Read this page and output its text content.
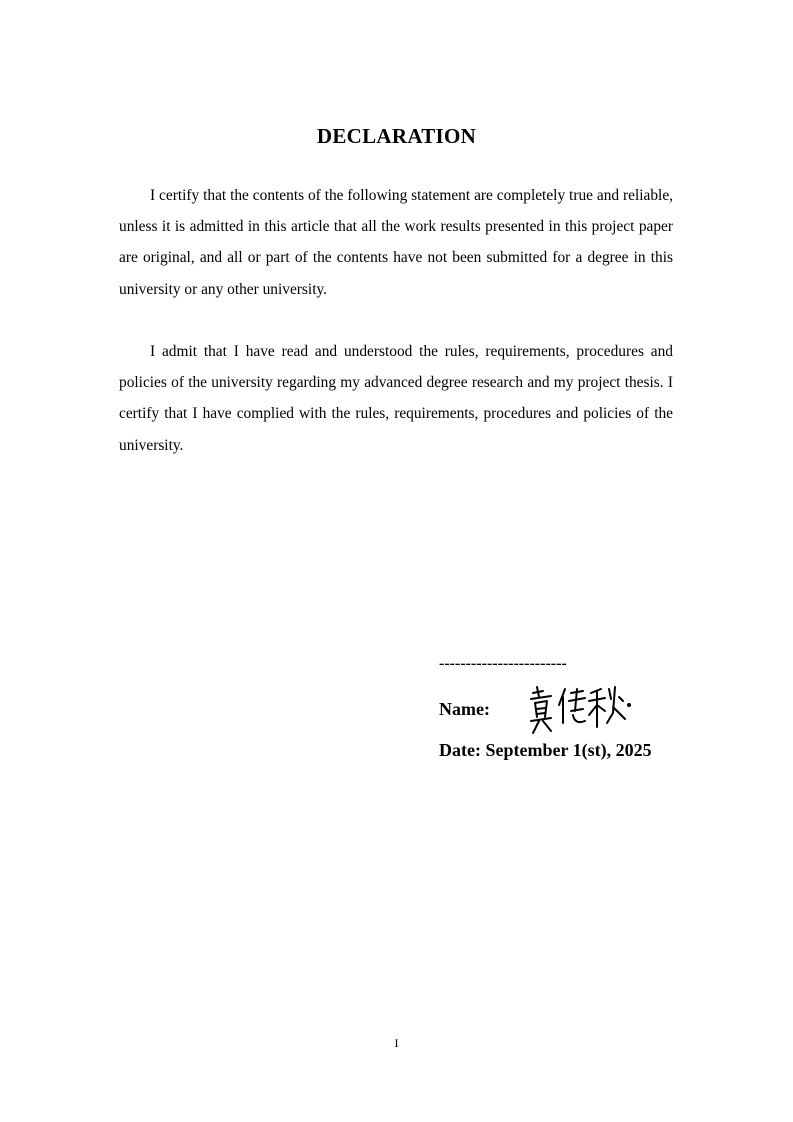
DECLARATION

I certify that the contents of the following statement are completely true and reliable, unless it is admitted in this article that all the work results presented in this project paper are original, and all or part of the contents have not been submitted for a degree in this university or any other university.

I admit that I have read and understood the rules, requirements, procedures and policies of the university regarding my advanced degree research and my project thesis. I certify that I have complied with the rules, requirements, procedures and policies of the university.

------------------------
Name:
Date: September 1(st), 2025
I
